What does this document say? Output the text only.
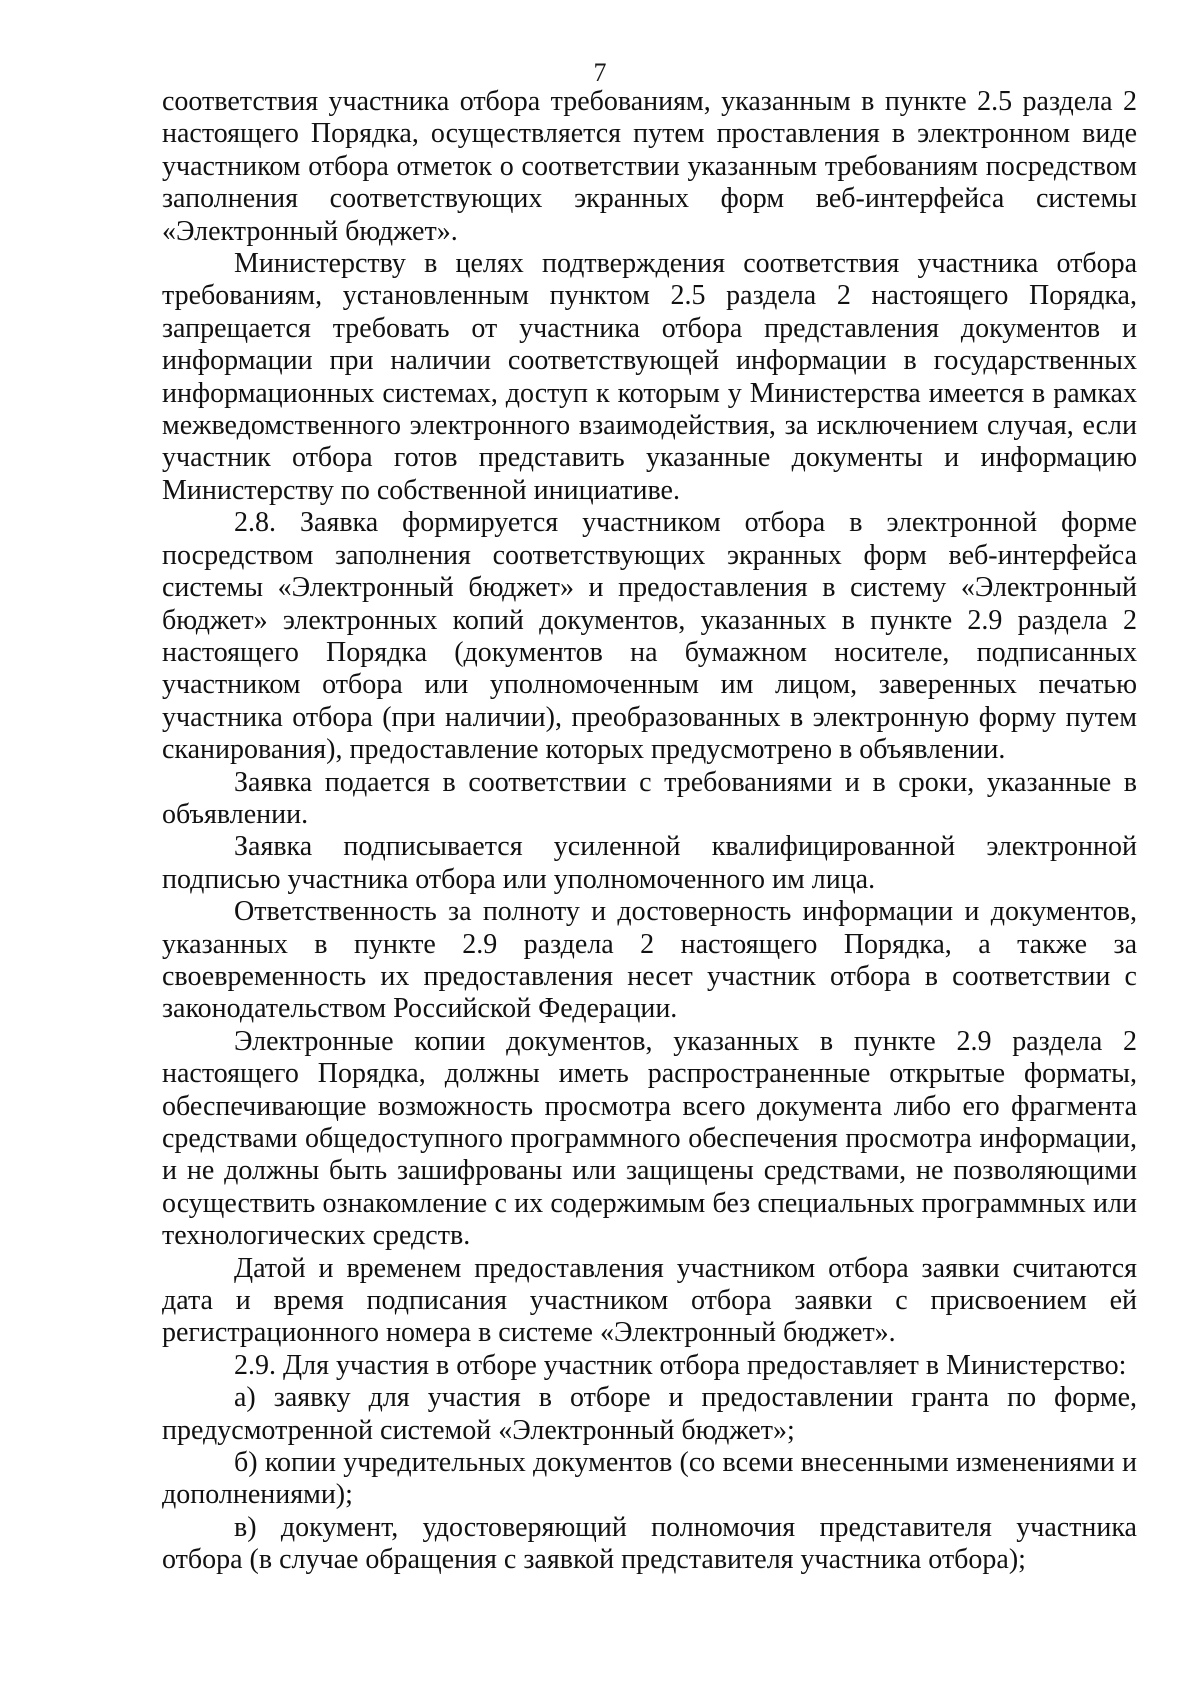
7

соответствия участника отбора требованиям, указанным в пункте 2.5 раздела 2 настоящего Порядка, осуществляется путем проставления в электронном виде участником отбора отметок о соответствии указанным требованиям посредством заполнения соответствующих экранных форм веб-интерфейса системы «Электронный бюджет».

Министерству в целях подтверждения соответствия участника отбора требованиям, установленным пунктом 2.5 раздела 2 настоящего Порядка, запрещается требовать от участника отбора представления документов и информации при наличии соответствующей информации в государственных информационных системах, доступ к которым у Министерства имеется в рамках межведомственного электронного взаимодействия, за исключением случая, если участник отбора готов представить указанные документы и информацию Министерству по собственной инициативе.

2.8. Заявка формируется участником отбора в электронной форме посредством заполнения соответствующих экранных форм веб-интерфейса системы «Электронный бюджет» и предоставления в систему «Электронный бюджет» электронных копий документов, указанных в пункте 2.9 раздела 2 настоящего Порядка (документов на бумажном носителе, подписанных участником отбора или уполномоченным им лицом, заверенных печатью участника отбора (при наличии), преобразованных в электронную форму путем сканирования), предоставление которых предусмотрено в объявлении.

Заявка подается в соответствии с требованиями и в сроки, указанные в объявлении.

Заявка подписывается усиленной квалифицированной электронной подписью участника отбора или уполномоченного им лица.

Ответственность за полноту и достоверность информации и документов, указанных в пункте 2.9 раздела 2 настоящего Порядка, а также за своевременность их предоставления несет участник отбора в соответствии с законодательством Российской Федерации.

Электронные копии документов, указанных в пункте 2.9 раздела 2 настоящего Порядка, должны иметь распространенные открытые форматы, обеспечивающие возможность просмотра всего документа либо его фрагмента средствами общедоступного программного обеспечения просмотра информации, и не должны быть зашифрованы или защищены средствами, не позволяющими осуществить ознакомление с их содержимым без специальных программных или технологических средств.

Датой и временем предоставления участником отбора заявки считаются дата и время подписания участником отбора заявки с присвоением ей регистрационного номера в системе «Электронный бюджет».

2.9. Для участия в отборе участник отбора предоставляет в Министерство:

а) заявку для участия в отборе и предоставлении гранта по форме, предусмотренной системой «Электронный бюджет»;

б) копии учредительных документов (со всеми внесенными изменениями и дополнениями);

в) документ, удостоверяющий полномочия представителя участника отбора (в случае обращения с заявкой представителя участника отбора);
